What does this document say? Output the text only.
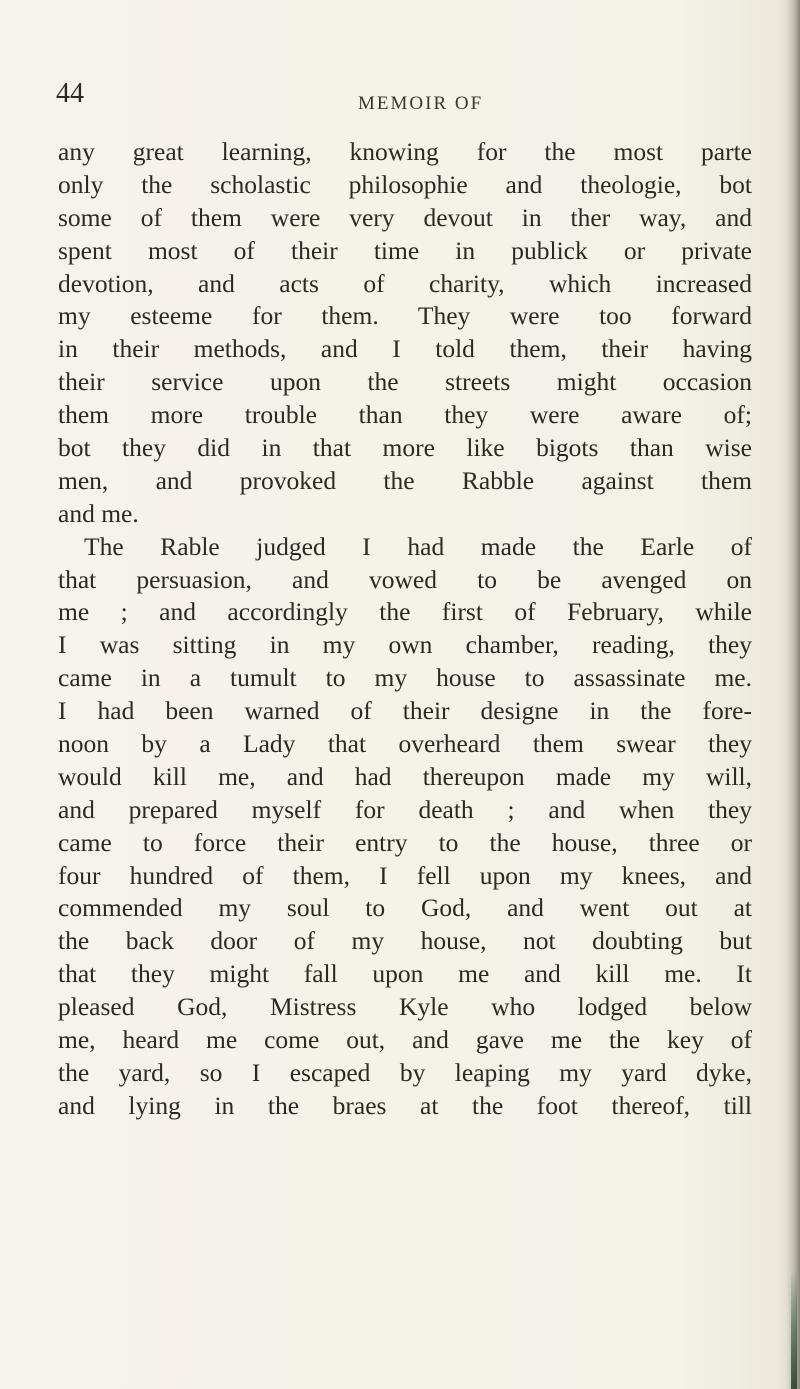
44	MEMOIR OF
any great learning, knowing for the most parte
only the scholastic philosophie and theologie, bot
some of them were very devout in ther way, and
spent most of their time in publick or private
devotion, and acts of charity, which increased
my esteeme for them. They were too forward
in their methods, and I told them, their having
their service upon the streets might occasion
them more trouble than they were aware of;
bot they did in that more like bigots than wise
men, and provoked the Rabble against them
and me.
The Rable judged I had made the Earle of
that persuasion, and vowed to be avenged on
me ; and accordingly the first of February, while
I was sitting in my own chamber, reading, they
came in a tumult to my house to assassinate me.
I had been warned of their designe in the fore-
noon by a Lady that overheard them swear they
would kill me, and had thereupon made my will,
and prepared myself for death ; and when they
came to force their entry to the house, three or
four hundred of them, I fell upon my knees, and
commended my soul to God, and went out at
the back door of my house, not doubting but
that they might fall upon me and kill me. It
pleased God, Mistress Kyle who lodged below
me, heard me come out, and gave me the key of
the yard, so I escaped by leaping my yard dyke,
and lying in the braes at the foot thereof, till
